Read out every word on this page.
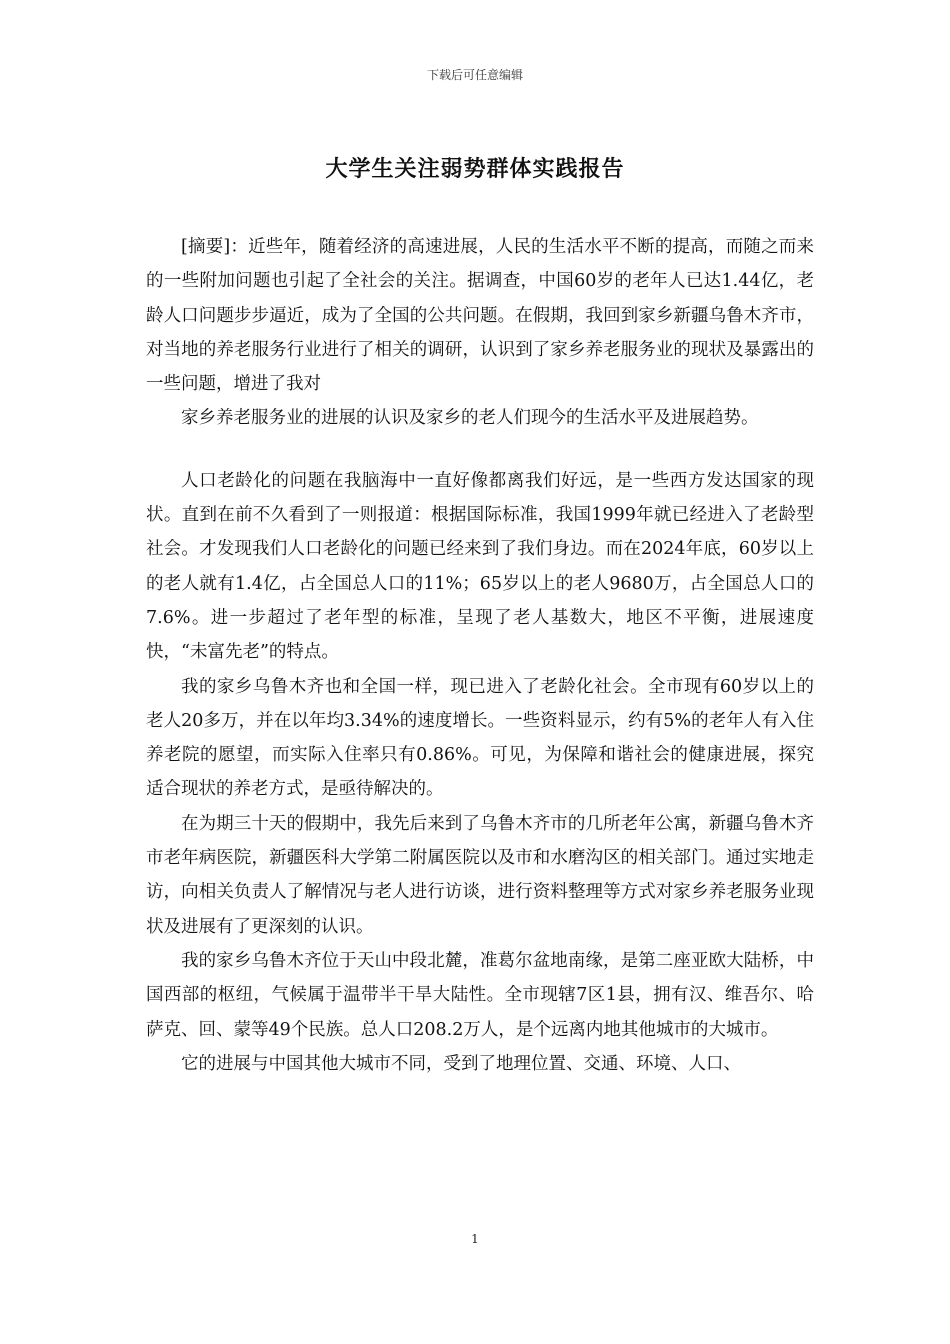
下载后可任意编辑
大学生关注弱势群体实践报告

[摘要]：近些年，随着经济的高速进展，人民的生活水平不断的提高，而随之而来的一些附加问题也引起了全社会的关注。据调查，中国60岁的老年人已达1.44亿，老龄人口问题步步逼近，成为了全国的公共问题。在假期，我回到家乡新疆乌鲁木齐市，对当地的养老服务行业进行了相关的调研，认识到了家乡养老服务业的现状及暴露出的一些问题，增进了我对

家乡养老服务业的进展的认识及家乡的老人们现今的生活水平及进展趋势。

人口老龄化的问题在我脑海中一直好像都离我们好远，是一些西方发达国家的现状。直到在前不久看到了一则报道：根据国际标准，我国1999年就已经进入了老龄型社会。才发现我们人口老龄化的问题已经来到了我们身边。而在2024年底，60岁以上的老人就有1.4亿，占全国总人口的11%；65岁以上的老人9680万，占全国总人口的7.6%。进一步超过了老年型的标准，呈现了老人基数大，地区不平衡，进展速度快，“未富先老”的特点。

我的家乡乌鲁木齐也和全国一样，现已进入了老龄化社会。全市现有60岁以上的老人20多万，并在以年均3.34%的速度增长。一些资料显示，约有5%的老年人有入住养老院的愿望，而实际入住率只有0.86%。可见，为保障和谐社会的健康进展，探究适合现状的养老方式，是亟待解决的。

在为期三十天的假期中，我先后来到了乌鲁木齐市的几所老年公寓，新疆乌鲁木齐市老年病医院，新疆医科大学第二附属医院以及市和水磨沟区的相关部门。通过实地走访，向相关负责人了解情况与老人进行访谈，进行资料整理等方式对家乡养老服务业现状及进展有了更深刻的认识。

我的家乡乌鲁木齐位于天山中段北麓，准葛尔盆地南缘，是第二座亚欧大陆桥，中国西部的枢纽，气候属于温带半干旱大陆性。全市现辖7区1县，拥有汉、维吾尔、哈萨克、回、蒙等49个民族。总人口208.2万人，是个远离内地其他城市的大城市。

它的进展与中国其他大城市不同，受到了地理位置、交通、环境、人口、

1
